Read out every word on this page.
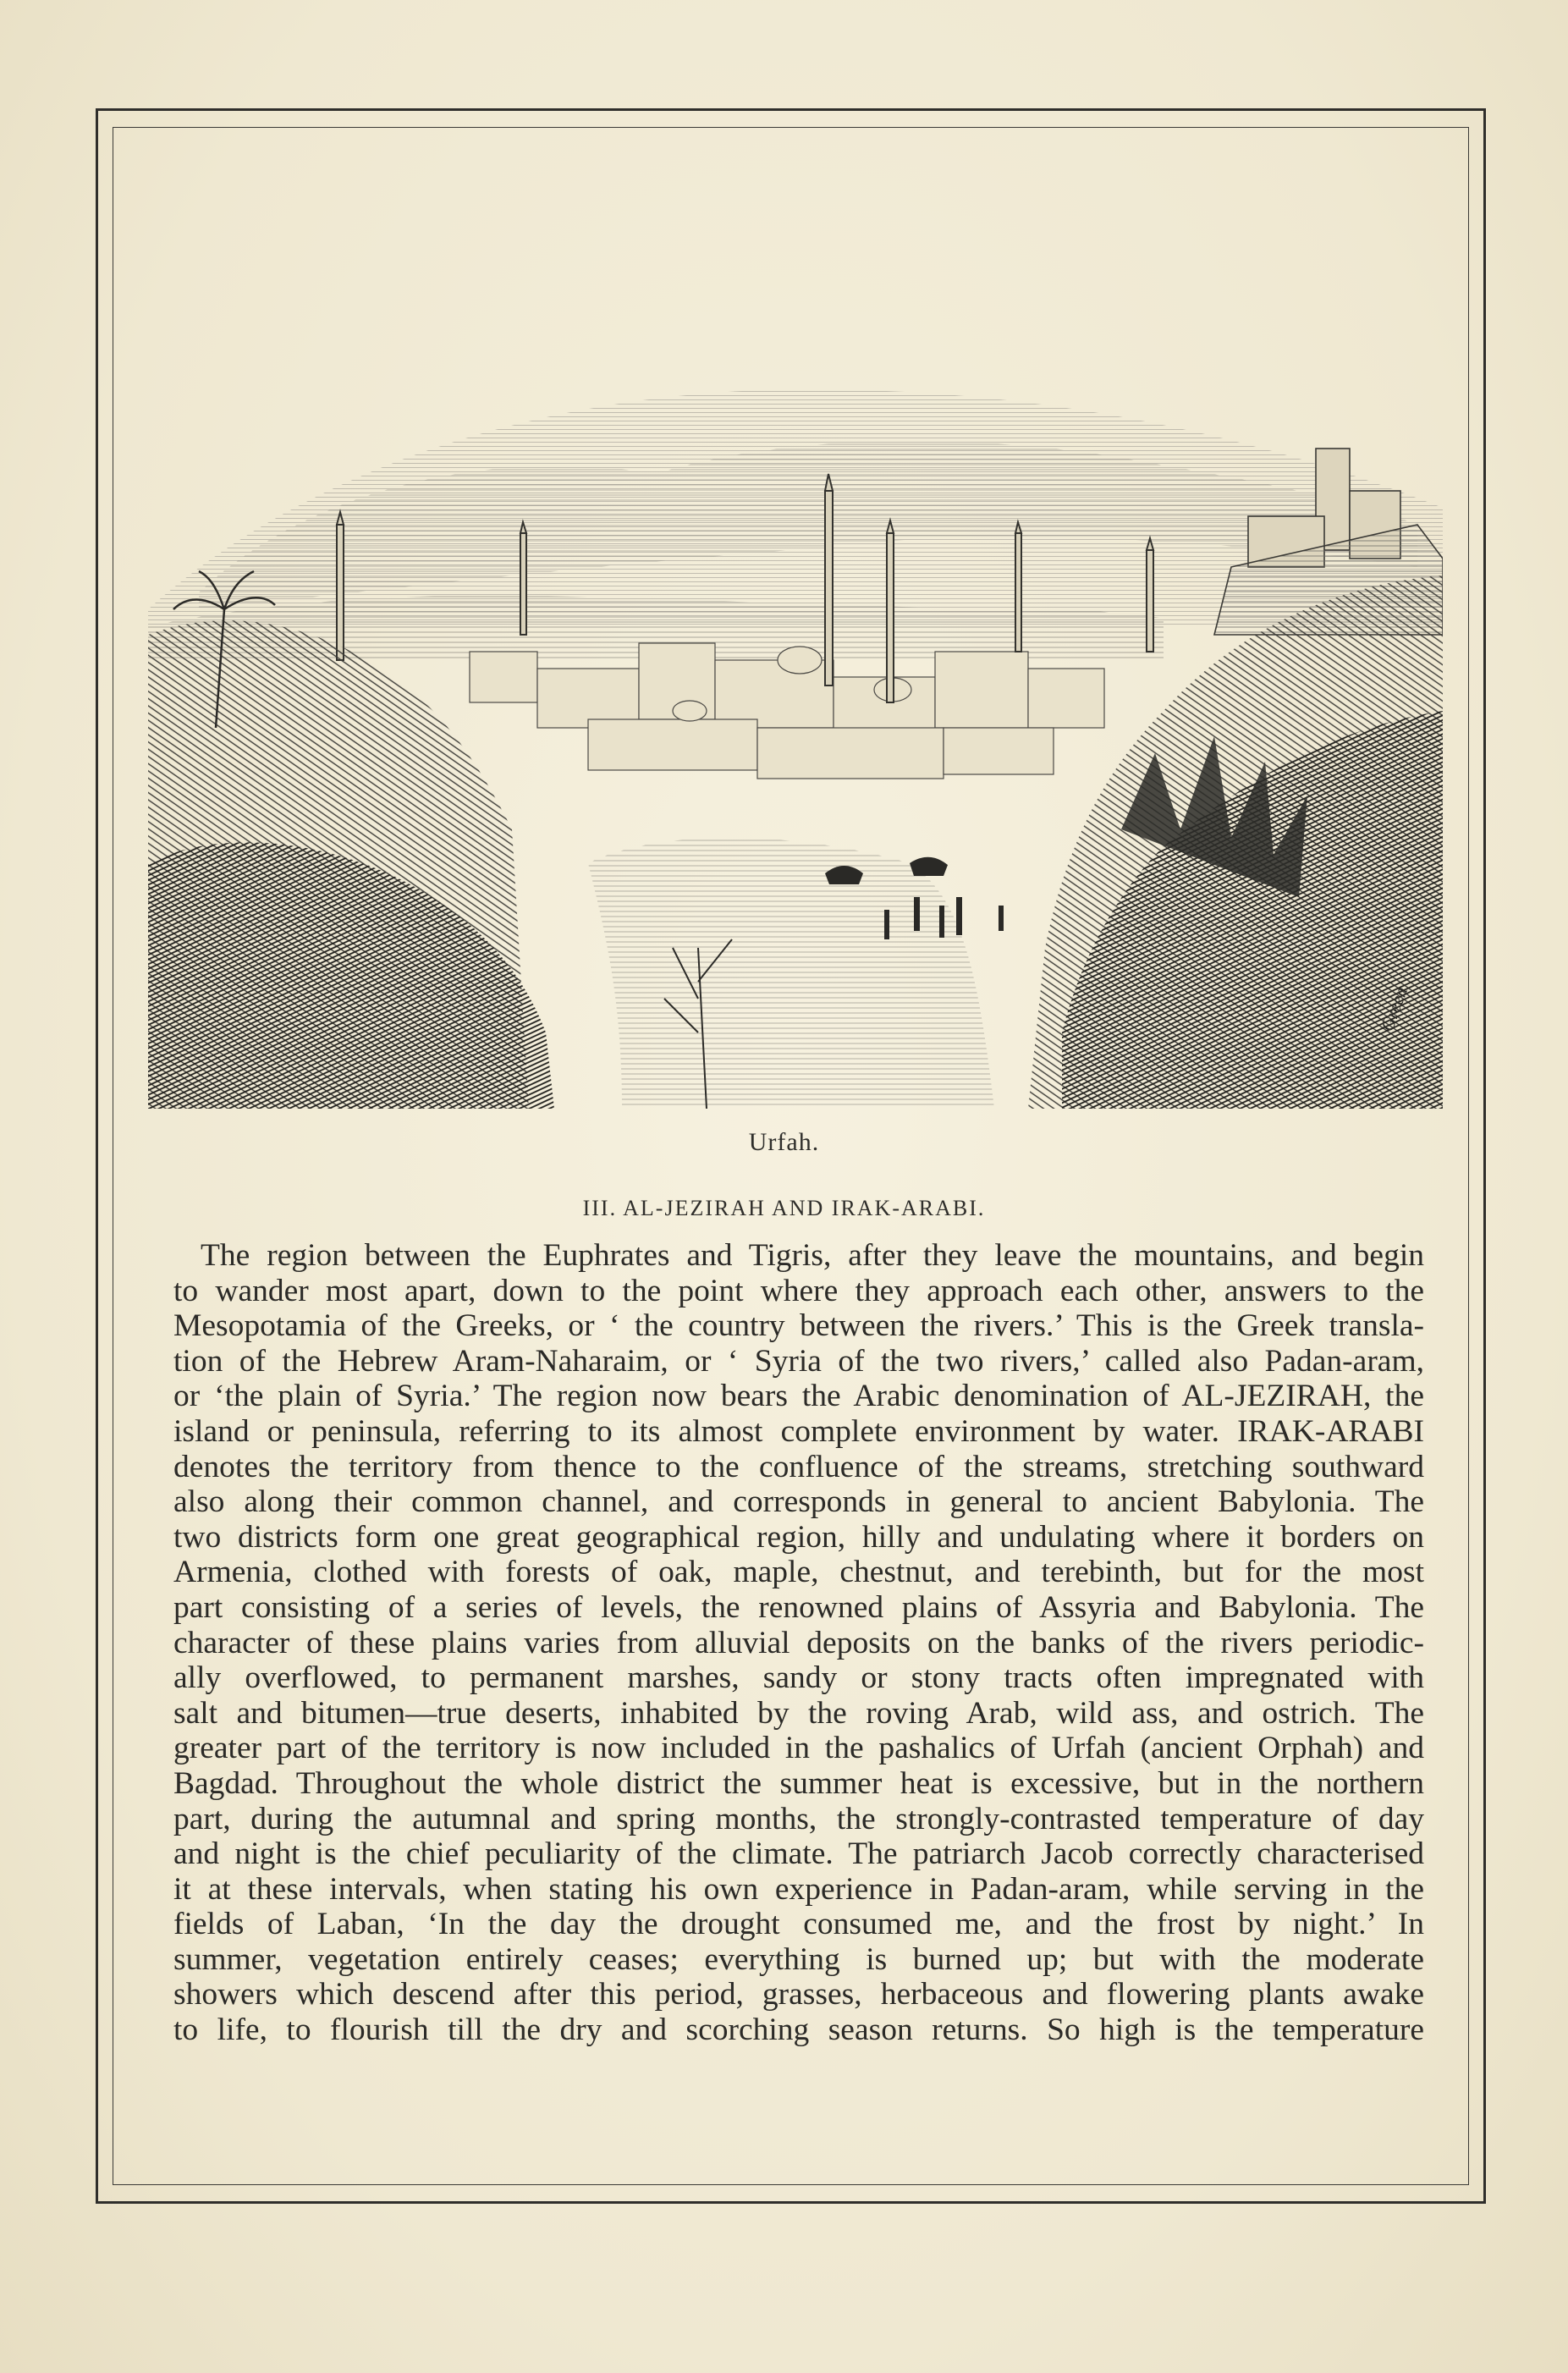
Green
Urfah.
III. AL-JEZIRAH AND IRAK-ARABI.
The region between the Euphrates and Tigris, after they leave the mountains, and begin
to wander most apart, down to the point where they approach each other, answers to the
Mesopotamia of the Greeks, or ‘ the country between the rivers.’ This is the Greek transla-
tion of the Hebrew Aram-Naharaim, or ‘ Syria of the two rivers,’ called also Padan-aram,
or ‘the plain of Syria.’ The region now bears the Arabic denomination of AL-JEZIRAH, the
island or peninsula, referring to its almost complete environment by water. IRAK-ARABI
denotes the territory from thence to the confluence of the streams, stretching southward
also along their common channel, and corresponds in general to ancient Babylonia. The
two districts form one great geographical region, hilly and undulating where it borders on
Armenia, clothed with forests of oak, maple, chestnut, and terebinth, but for the most
part consisting of a series of levels, the renowned plains of Assyria and Babylonia. The
character of these plains varies from alluvial deposits on the banks of the rivers periodic-
ally overflowed, to permanent marshes, sandy or stony tracts often impregnated with
salt and bitumen—true deserts, inhabited by the roving Arab, wild ass, and ostrich. The
greater part of the territory is now included in the pashalics of Urfah (ancient Orphah) and
Bagdad. Throughout the whole district the summer heat is excessive, but in the northern
part, during the autumnal and spring months, the strongly-contrasted temperature of day
and night is the chief peculiarity of the climate. The patriarch Jacob correctly characterised
it at these intervals, when stating his own experience in Padan-aram, while serving in the
fields of Laban, ‘In the day the drought consumed me, and the frost by night.’ In
summer, vegetation entirely ceases; everything is burned up; but with the moderate
showers which descend after this period, grasses, herbaceous and flowering plants awake
to life, to flourish till the dry and scorching season returns. So high is the temperature
